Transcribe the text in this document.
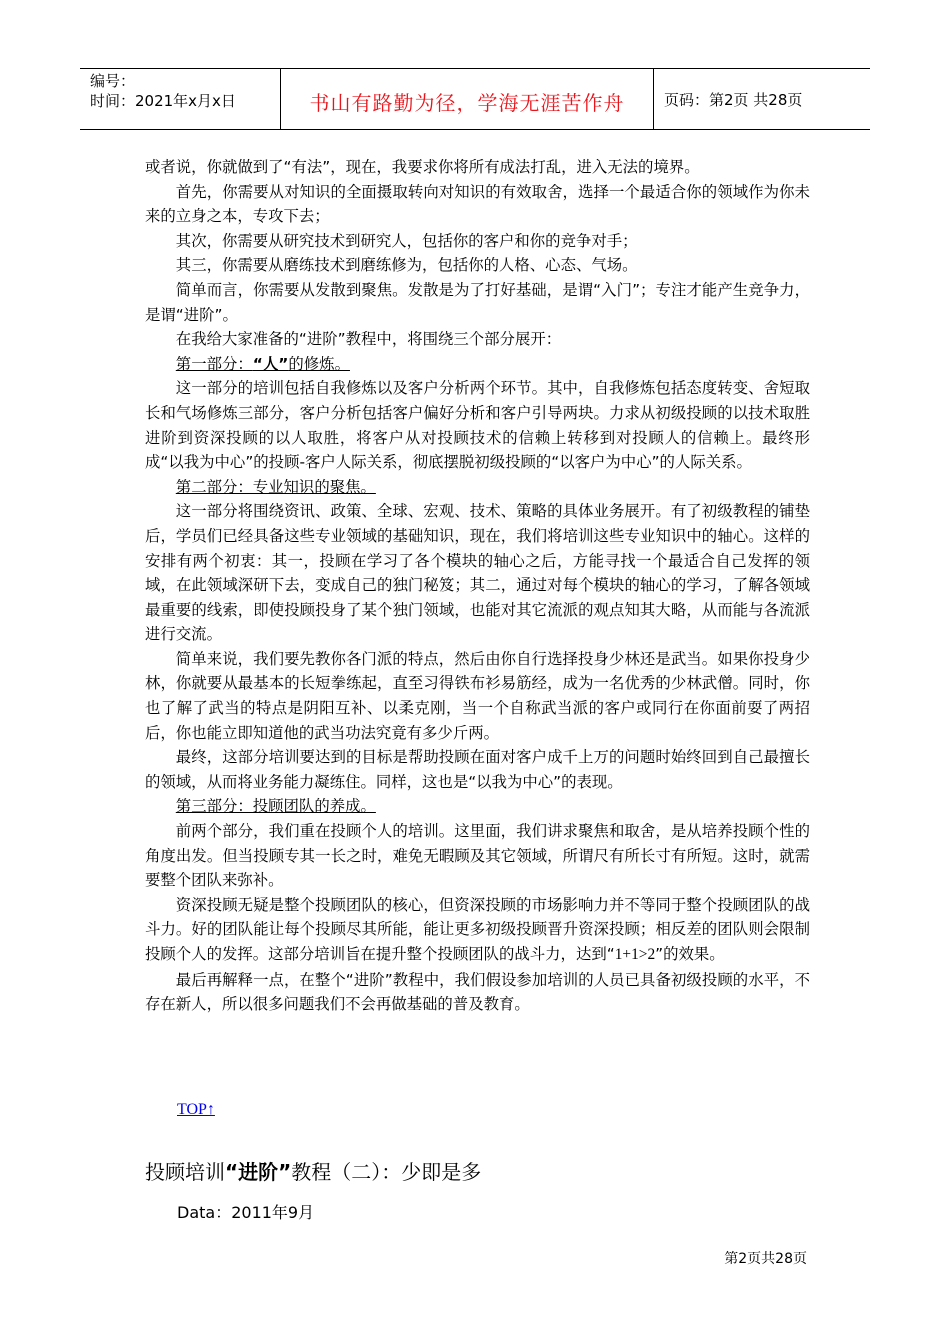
编号：
时间：2021年x月x日	书山有路勤为径，学海无涯苦作舟	页码：第2页 共28页

或者说，你就做到了“有法”，现在，我要求你将所有成法打乱，进入无法的境界。

首先，你需要从对知识的全面摄取转向对知识的有效取舍，选择一个最适合你的领域作为你未来的立身之本，专攻下去；

其次，你需要从研究技术到研究人，包括你的客户和你的竞争对手；

其三，你需要从磨练技术到磨练修为，包括你的人格、心态、气场。

简单而言，你需要从发散到聚焦。发散是为了打好基础，是谓“入门”；专注才能产生竞争力，是谓“进阶”。

在我给大家准备的“进阶”教程中，将围绕三个部分展开：

第一部分：“人”的修炼。

这一部分的培训包括自我修炼以及客户分析两个环节。其中，自我修炼包括态度转变、舍短取长和气场修炼三部分，客户分析包括客户偏好分析和客户引导两块。力求从初级投顾的以技术取胜进阶到资深投顾的以人取胜，将客户从对投顾技术的信赖上转移到对投顾人的信赖上。最终形成“以我为中心”的投顾-客户人际关系，彻底摆脱初级投顾的“以客户为中心”的人际关系。

第二部分：专业知识的聚焦。

这一部分将围绕资讯、政策、全球、宏观、技术、策略的具体业务展开。有了初级教程的铺垫后，学员们已经具备这些专业领域的基础知识，现在，我们将培训这些专业知识中的轴心。这样的安排有两个初衷：其一，投顾在学习了各个模块的轴心之后，方能寻找一个最适合自己发挥的领域，在此领域深研下去，变成自己的独门秘笈；其二，通过对每个模块的轴心的学习，了解各领域最重要的线索，即使投顾投身了某个独门领域，也能对其它流派的观点知其大略，从而能与各流派进行交流。

简单来说，我们要先教你各门派的特点，然后由你自行选择投身少林还是武当。如果你投身少林，你就要从最基本的长短拳练起，直至习得铁布衫易筋经，成为一名优秀的少林武僧。同时，你也了解了武当的特点是阴阳互补、以柔克刚，当一个自称武当派的客户或同行在你面前耍了两招后，你也能立即知道他的武当功法究竟有多少斤两。

最终，这部分培训要达到的目标是帮助投顾在面对客户成千上万的问题时始终回到自己最擅长的领域，从而将业务能力凝练住。同样，这也是“以我为中心”的表现。

第三部分：投顾团队的养成。

前两个部分，我们重在投顾个人的培训。这里面，我们讲求聚焦和取舍，是从培养投顾个性的角度出发。但当投顾专其一长之时，难免无暇顾及其它领域，所谓尺有所长寸有所短。这时，就需要整个团队来弥补。

资深投顾无疑是整个投顾团队的核心，但资深投顾的市场影响力并不等同于整个投顾团队的战斗力。好的团队能让每个投顾尽其所能，能让更多初级投顾晋升资深投顾；相反差的团队则会限制投顾个人的发挥。这部分培训旨在提升整个投顾团队的战斗力，达到“1+1>2”的效果。

最后再解释一点，在整个“进阶”教程中，我们假设参加培训的人员已具备初级投顾的水平，不存在新人，所以很多问题我们不会再做基础的普及教育。

TOP↑
投顾培训“进阶”教程（二）：少即是多
Data：2011年9月
第2页共28页
